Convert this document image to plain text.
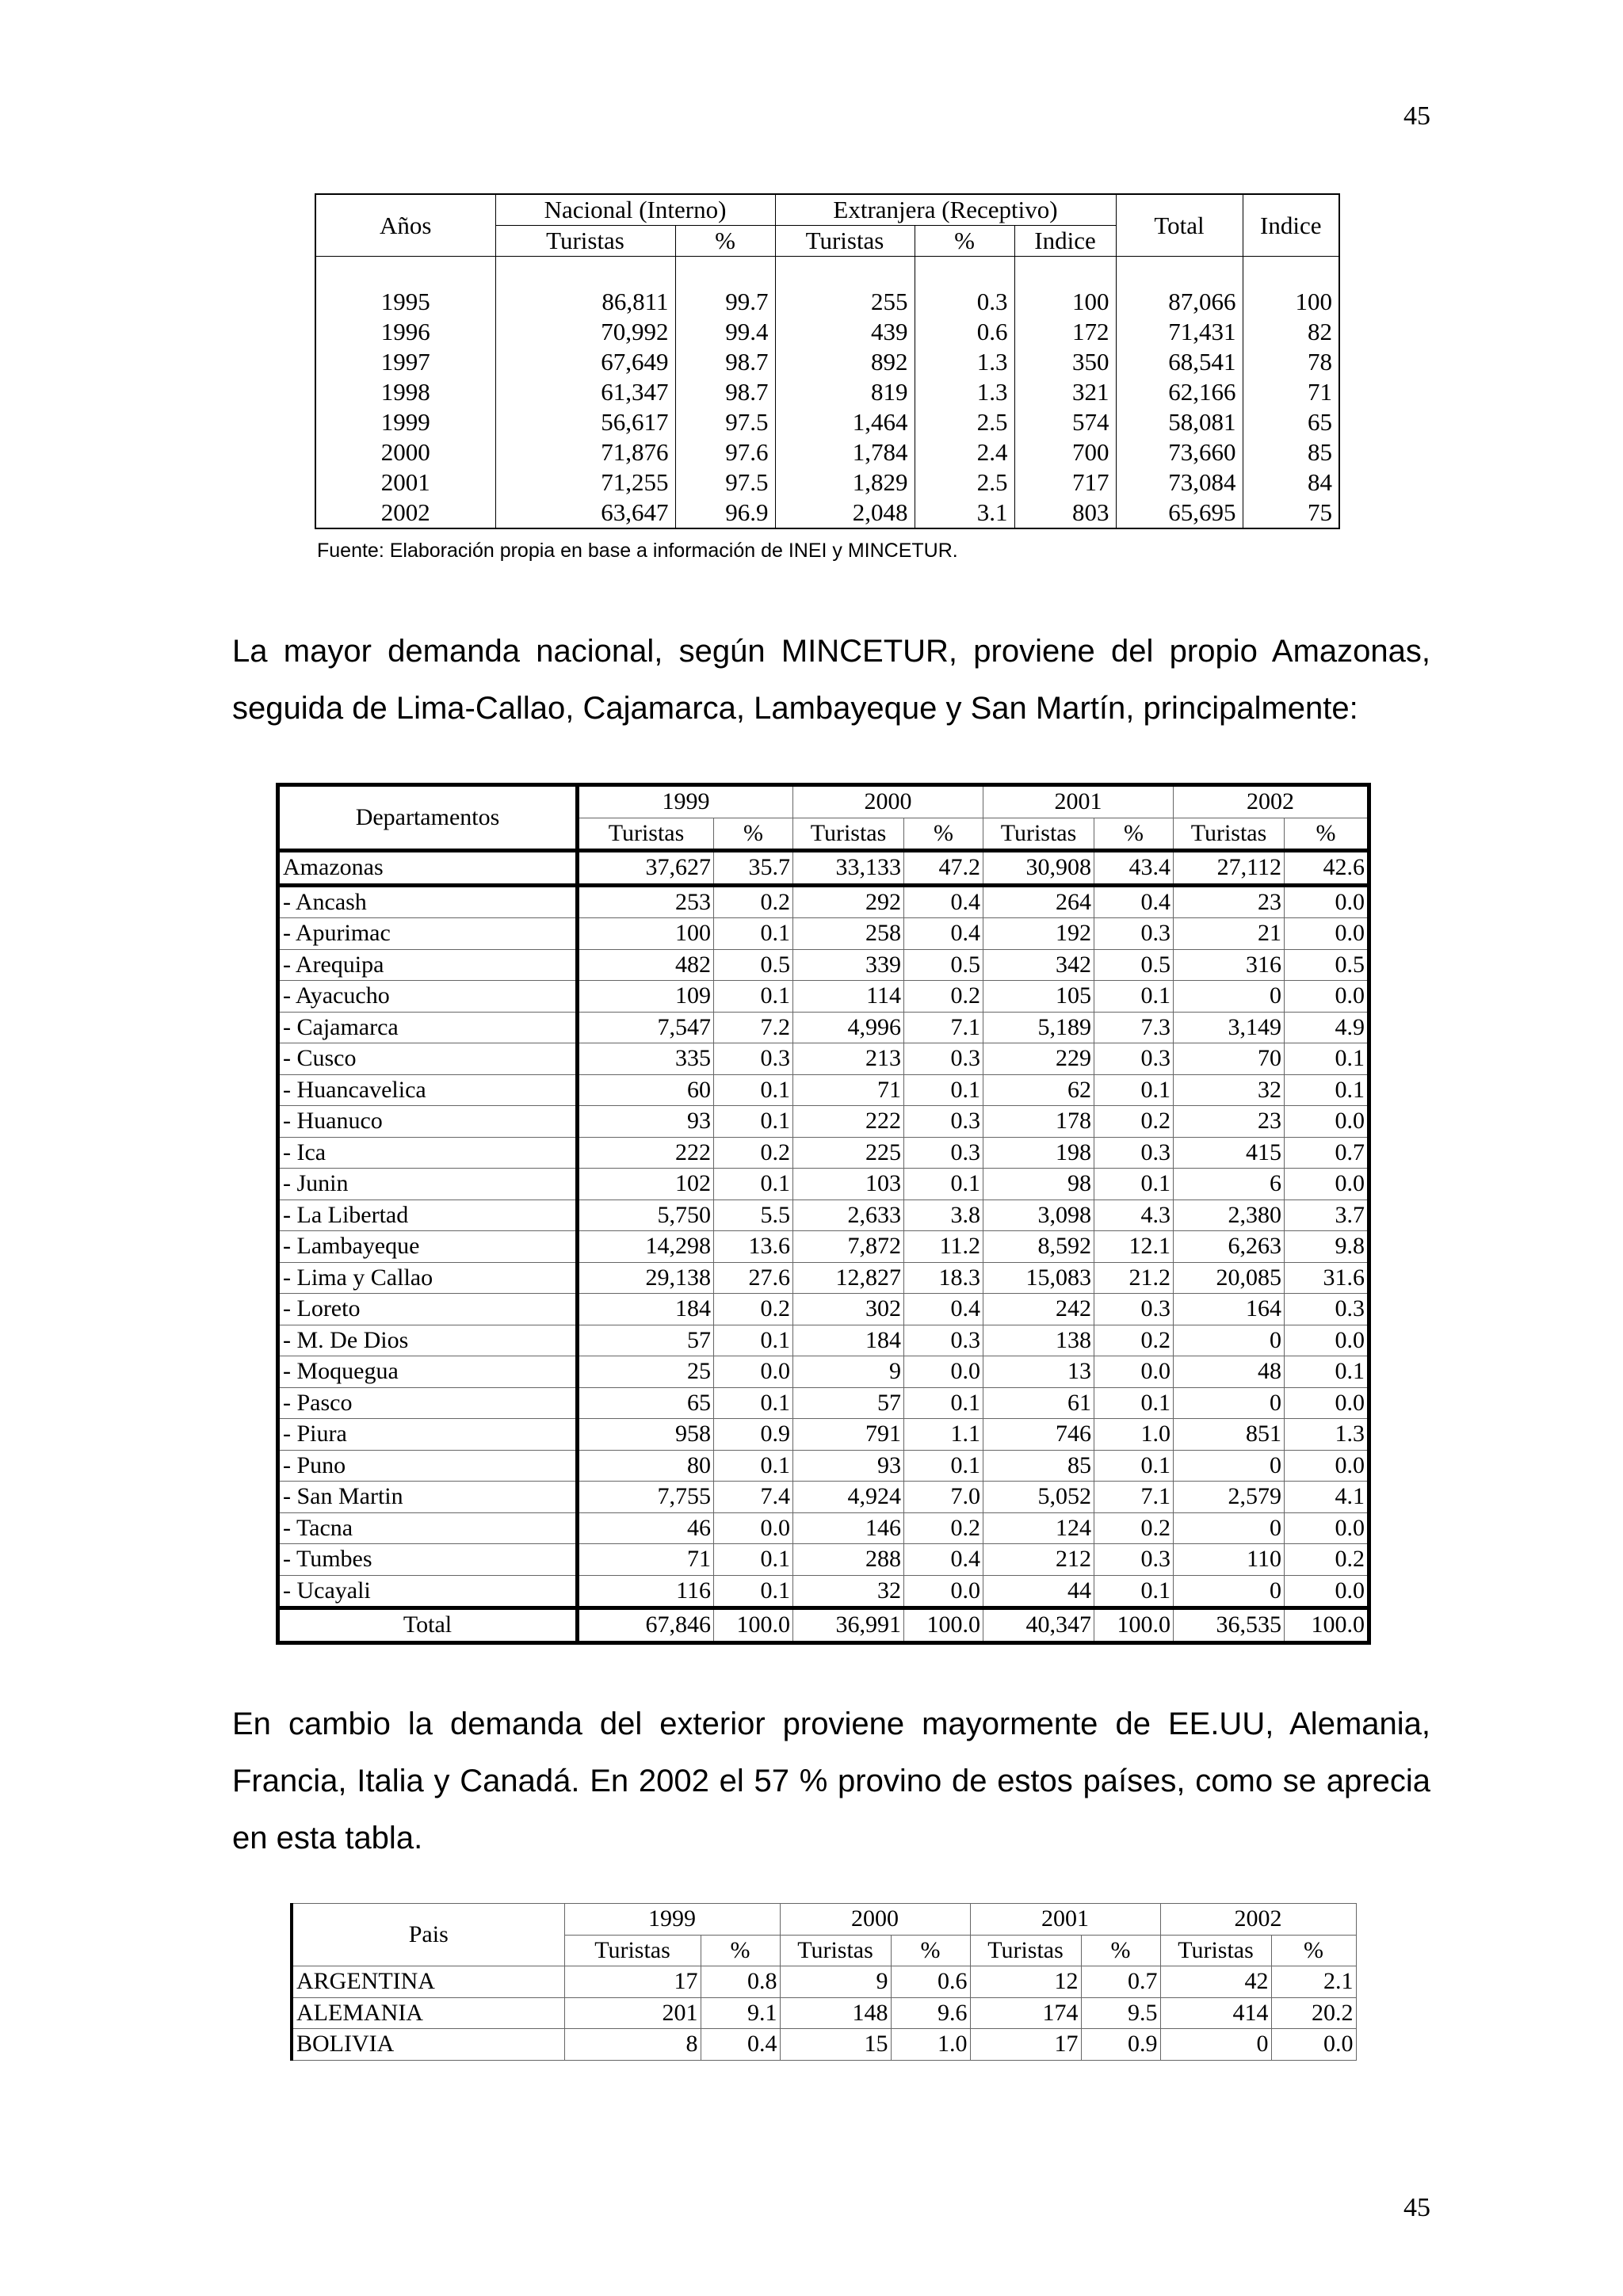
45
Años	Nacional (Interno)		Extranjera (Receptivo)			Total	Indice
	Turistas	%	Turistas	%	Indice		

1995	86,811	99.7	255	0.3	100	87,066	100
1996	70,992	99.4	439	0.6	172	71,431	82
1997	67,649	98.7	892	1.3	350	68,541	78
1998	61,347	98.7	819	1.3	321	62,166	71
1999	56,617	97.5	1,464	2.5	574	58,081	65
2000	71,876	97.6	1,784	2.4	700	73,660	85
2001	71,255	97.5	1,829	2.5	717	73,084	84
2002	63,647	96.9	2,048	3.1	803	65,695	75
Fuente: Elaboración propia en base a información de INEI y MINCETUR.

La mayor demanda nacional, según MINCETUR, proviene del propio Amazonas, seguida de Lima-Callao, Cajamarca, Lambayeque y San Martín, principalmente:

Departamentos	1999		2000		2001		2002	
	Turistas	%	Turistas	%	Turistas	%	Turistas	%
Amazonas	37,627	35.7	33,133	47.2	30,908	43.4	27,112	42.6
- Ancash	253	0.2	292	0.4	264	0.4	23	0.0
- Apurimac	100	0.1	258	0.4	192	0.3	21	0.0
- Arequipa	482	0.5	339	0.5	342	0.5	316	0.5
- Ayacucho	109	0.1	114	0.2	105	0.1	0	0.0
- Cajamarca	7,547	7.2	4,996	7.1	5,189	7.3	3,149	4.9
- Cusco	335	0.3	213	0.3	229	0.3	70	0.1
- Huancavelica	60	0.1	71	0.1	62	0.1	32	0.1
- Huanuco	93	0.1	222	0.3	178	0.2	23	0.0
- Ica	222	0.2	225	0.3	198	0.3	415	0.7
- Junin	102	0.1	103	0.1	98	0.1	6	0.0
- La Libertad	5,750	5.5	2,633	3.8	3,098	4.3	2,380	3.7
- Lambayeque	14,298	13.6	7,872	11.2	8,592	12.1	6,263	9.8
- Lima y Callao	29,138	27.6	12,827	18.3	15,083	21.2	20,085	31.6
- Loreto	184	0.2	302	0.4	242	0.3	164	0.3
- M. De Dios	57	0.1	184	0.3	138	0.2	0	0.0
- Moquegua	25	0.0	9	0.0	13	0.0	48	0.1
- Pasco	65	0.1	57	0.1	61	0.1	0	0.0
- Piura	958	0.9	791	1.1	746	1.0	851	1.3
- Puno	80	0.1	93	0.1	85	0.1	0	0.0
- San Martin	7,755	7.4	4,924	7.0	5,052	7.1	2,579	4.1
- Tacna	46	0.0	146	0.2	124	0.2	0	0.0
- Tumbes	71	0.1	288	0.4	212	0.3	110	0.2
- Ucayali	116	0.1	32	0.0	44	0.1	0	0.0
Total	67,846	100.0	36,991	100.0	40,347	100.0	36,535	100.0

En cambio la demanda del exterior proviene mayormente de EE.UU, Alemania, Francia, Italia y Canadá. En 2002 el 57 % provino de estos países, como se aprecia en esta tabla.

Pais	1999		2000		2001		2002	
	Turistas	%	Turistas	%	Turistas	%	Turistas	%
ARGENTINA	17	0.8	9	0.6	12	0.7	42	2.1
ALEMANIA	201	9.1	148	9.6	174	9.5	414	20.2
BOLIVIA	8	0.4	15	1.0	17	0.9	0	0.0
45
